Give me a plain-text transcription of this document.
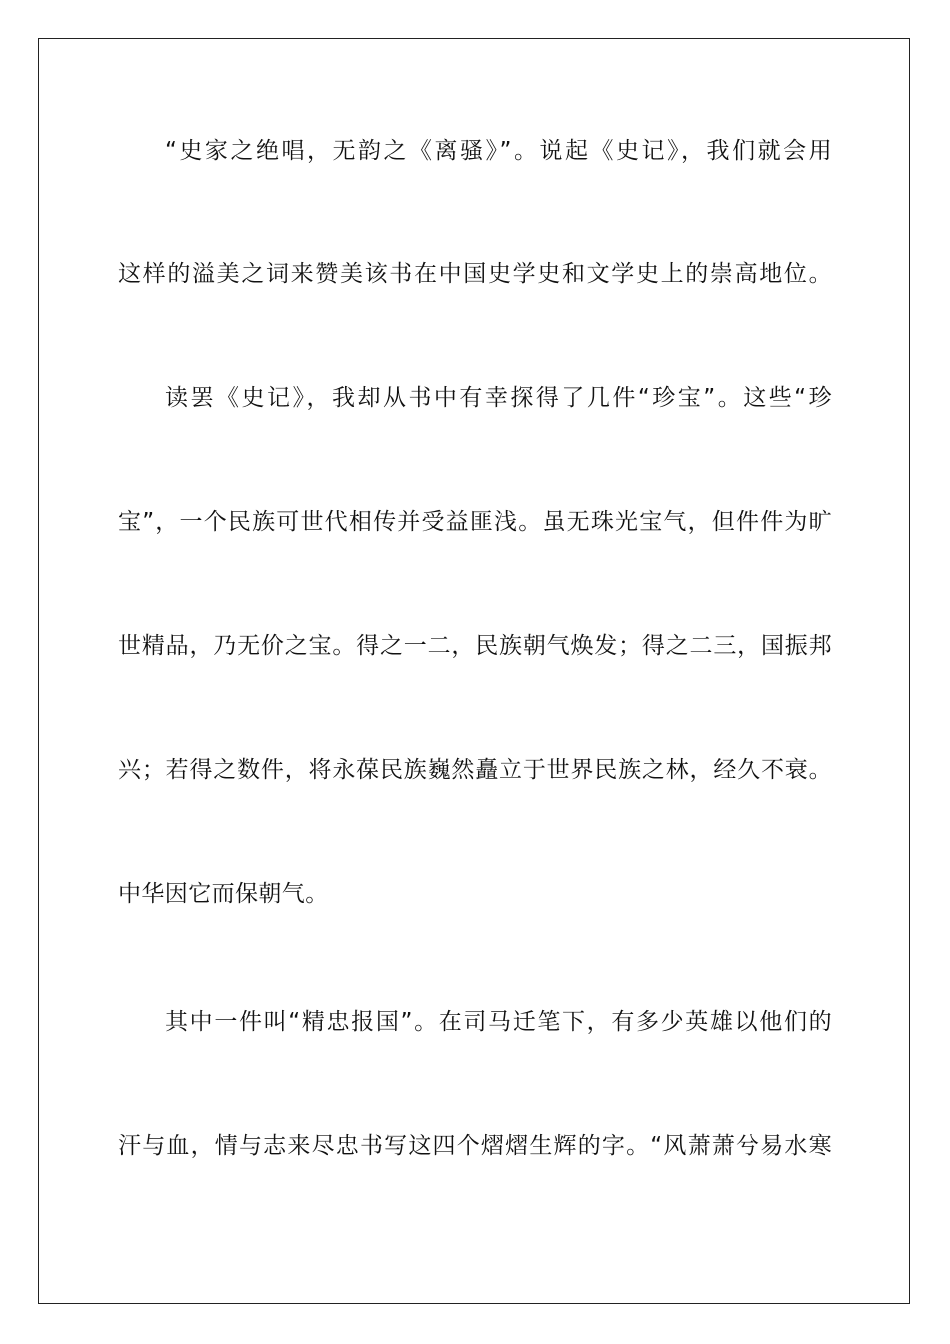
“史家之绝唱，无韵之《离骚》”。说起《史记》，我们就会用
这样的溢美之词来赞美该书在中国史学史和文学史上的崇高地位。
读罢《史记》，我却从书中有幸探得了几件“珍宝”。这些“珍
宝”，一个民族可世代相传并受益匪浅。虽无珠光宝气，但件件为旷
世精品，乃无价之宝。得之一二，民族朝气焕发；得之二三，国振邦
兴；若得之数件，将永葆民族巍然矗立于世界民族之林，经久不衰。
中华因它而保朝气。
其中一件叫“精忠报国”。在司马迁笔下，有多少英雄以他们的
汗与血，情与志来尽忠书写这四个熠熠生辉的字。“风萧萧兮易水寒
